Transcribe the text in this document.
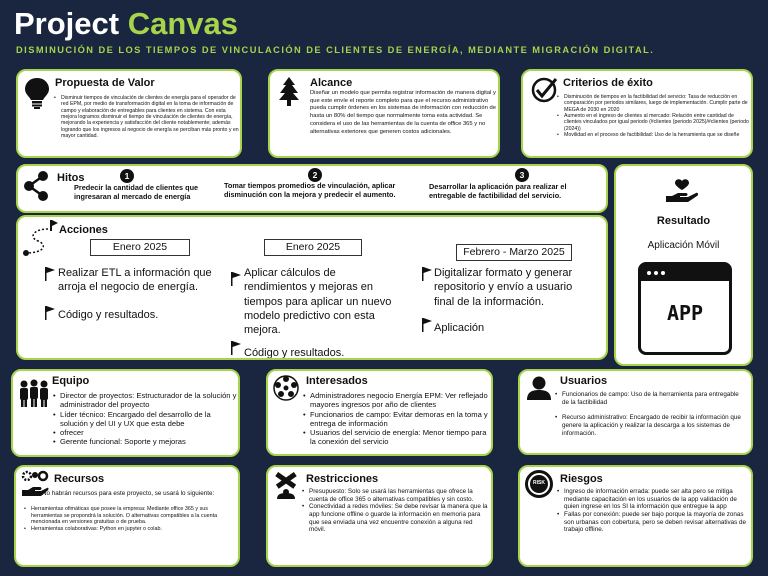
Project Canvas
DISMINUCIÓN DE LOS TIEMPOS DE VINCULACIÓN DE CLIENTES DE ENERGÍA, MEDIANTE MIGRACIÓN DIGITAL.
Propuesta de Valor
• Disminuir tiempos de vinculación de clientes de energía para el operador de red EPM, por medio de transformación digital en la toma de información de campo y elaboración de entregables para clientes en sistema. Con esta mejora logramos disminuir el tiempo de vinculación de clientes de energía, mejorando la experiencia y satisfacción del cliente notablemente; además logrando que los ingresos al negocio de energía se perciban más pronto y en mayor cantidad.
Alcance
Diseñar un modelo que permita registrar información de manera digital y que este envíe el reporte completo para que el recurso administrativo pueda cumplir órdenes en los sistemas de información con reducción de hasta un 80% del tiempo que normalmente toma esta actividad. Se considera el uso de las herramientas de la cuenta de office 365 y no alternativas exteriores que generen costos adicionales.
Criterios de éxito
• Disminución de tiempos en la factibilidad del servicio: Tasa de reducción en comparación por periodos similares, luego de implementación. Cumplir parte de MEGA de 2030 en 2020
• Aumento en el ingreso de clientes al mercado: Relación entre cantidad de clientes vinculados por igual periodo (#clientes (periodo 2025)/#clientes (periodo (2024))
• Movilidad en el proceso de factibilidad: Uso de la herramienta que se diseñe
Hitos	1
Predecir la cantidad de clientes que ingresaran al mercado de energía
2
Tomar tiempos promedios de vinculación, aplicar disminución con la mejora y predecir el aumento.
3
Desarrollar la aplicación para realizar el entregable de factibilidad del servicio.
Resultado
Aplicación Móvil
APP
Acciones
Enero 2025
Realizar ETL a información que arroja el negocio de energía.
Código y resultados.
Enero 2025
Aplicar cálculos de rendimientos y mejoras en tiempos para aplicar un nuevo modelo predictivo con esta mejora.
Código y resultados.
Febrero - Marzo 2025
Digitalizar formato y generar repositorio y envío a usuario final de la información.
Aplicación
Equipo
• Director de proyectos: Estructurador de la solución y administrador del proyecto
• Líder técnico: Encargado del desarrollo de la solución y del UI y UX que esta debe
• ofrecer
• Gerente funcional: Soporte y mejoras
Interesados
• Administradores negocio Energía EPM: Ver reflejado mayores ingresos por año de clientes
• Funcionarios de campo: Evitar demoras en la toma y entrega de información
• Usuarios del servicio de energía: Menor tiempo para la conexión del servicio
Usuarios
• Funcionarios de campo: Uso de la herramienta para entregable de la factibilidad
• Recurso administrativo: Encargado de recibir la información que genere la aplicación y realizar la descarga a los sistemas de información.
Recursos
No habrán recursos para este proyecto, se usará lo siguiente:
• Herramientas ofimáticas que posee la empresa: Mediante office 365 y sus herramientas se propondrá la solución. O alternativas compatibles a la cuenta mencionada en versiones gratuitas o de prueba.
• Herramientas colaborativas: Python en jupyter o colab.
Restricciones
• Presupuesto: Solo se usará las herramientas que ofrece la cuenta de office 365 o alternativas compatibles y sin costo.
• Conectividad a redes móviles: Se debe revisar la manera que la app funcione offline o guarde la información en memoria para que sea enviada una vez encuentre conexión a alguna red móvil.
RISK	Riesgos
• Ingreso de información errada: puede ser alta pero se mitiga mediante capacitación en los usuarios de la app validación de quien ingrese en los SI la información que entregue la app
• Fallas por conexión: puede ser bajo porque la mayoría de zonas son urbanas con cobertura, pero se deben revisar alternativas de trabajo offline.
